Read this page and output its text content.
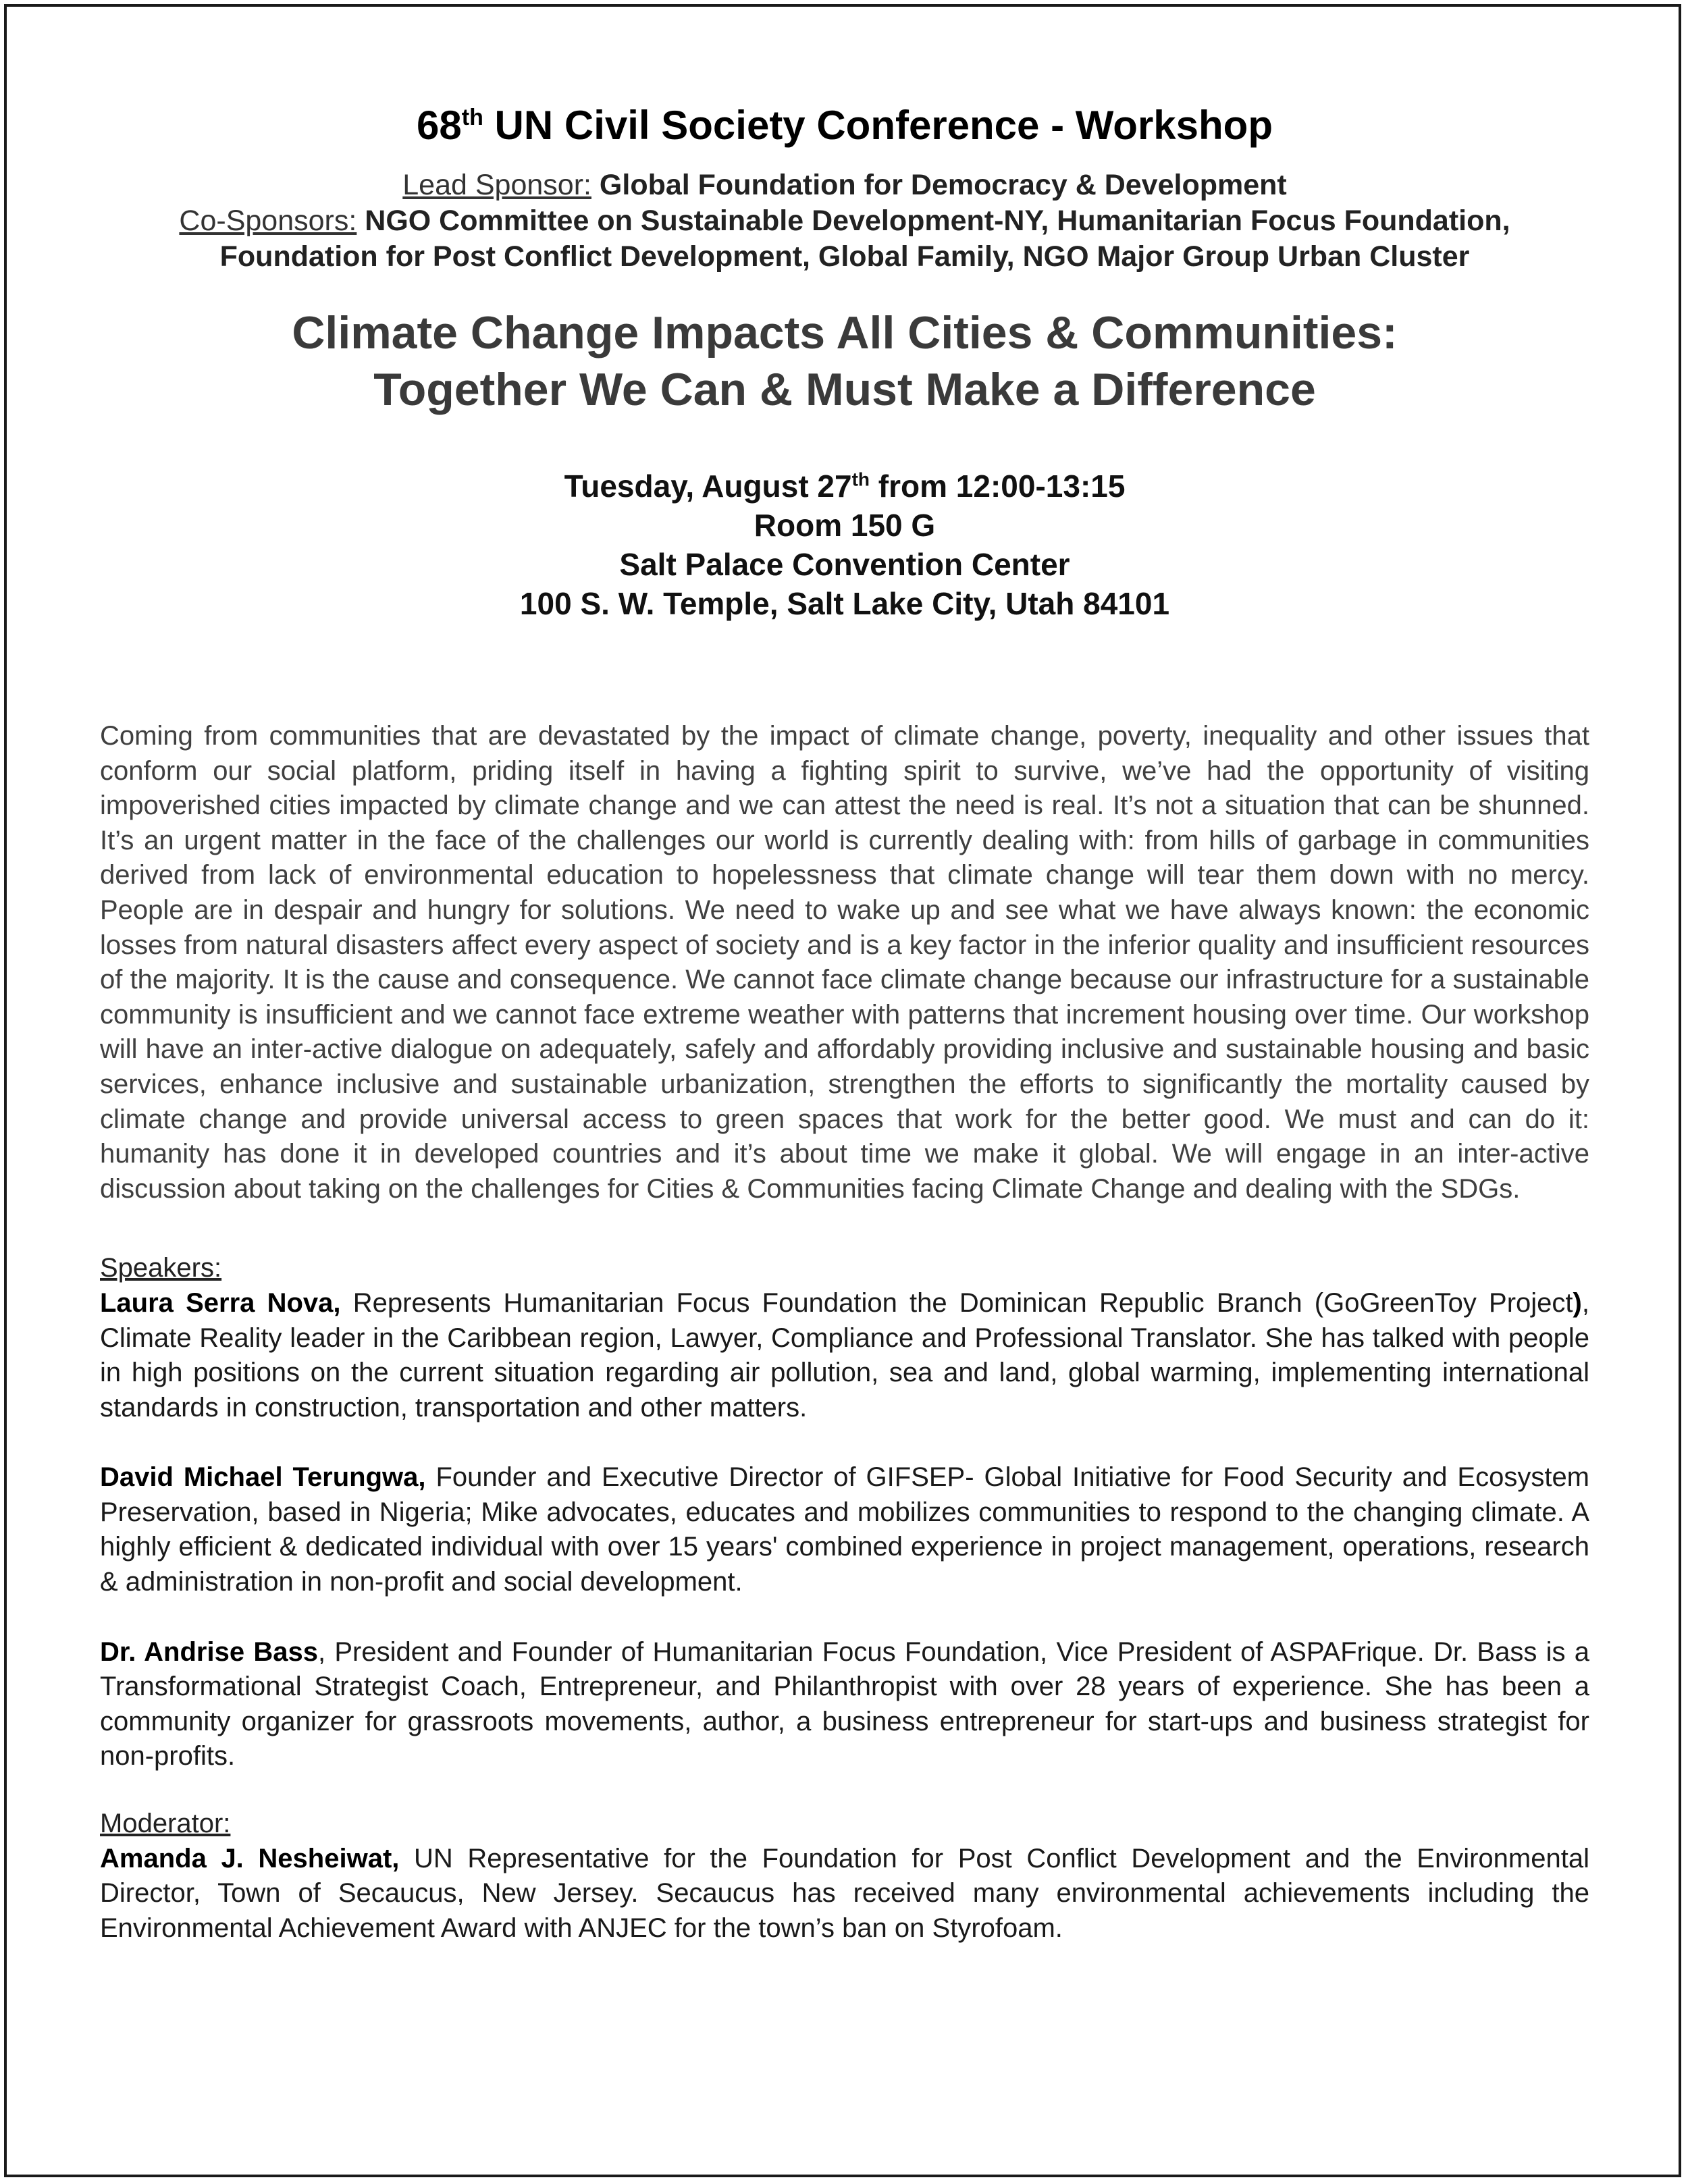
68th UN Civil Society Conference - Workshop
Lead Sponsor: Global Foundation for Democracy & Development
Co-Sponsors: NGO Committee on Sustainable Development-NY, Humanitarian Focus Foundation,
Foundation for Post Conflict Development, Global Family, NGO Major Group Urban Cluster
Climate Change Impacts All Cities & Communities:
Together We Can & Must Make a Difference
Tuesday, August 27th from 12:00-13:15
Room 150 G
Salt Palace Convention Center
100 S. W. Temple, Salt Lake City, Utah 84101
Coming from communities that are devastated by the impact of climate change, poverty, inequality and other issues that conform our social platform, priding itself in having a fighting spirit to survive, we’ve had the opportunity of visiting impoverished cities impacted by climate change and we can attest the need is real. It’s not a situation that can be shunned. It’s an urgent matter in the face of the challenges our world is currently dealing with: from hills of garbage in communities derived from lack of environmental education to hopelessness that climate change will tear them down with no mercy. People are in despair and hungry for solutions. We need to wake up and see what we have always known: the economic losses from natural disasters affect every aspect of society and is a key factor in the inferior quality and insufficient resources of the majority. It is the cause and consequence. We cannot face climate change because our infrastructure for a sustainable community is insufficient and we cannot face extreme weather with patterns that increment housing over time. Our workshop will have an inter-active dialogue on adequately, safely and affordably providing inclusive and sustainable housing and basic services, enhance inclusive and sustainable urbanization, strengthen the efforts to significantly the mortality caused by climate change and provide universal access to green spaces that work for the better good. We must and can do it: humanity has done it in developed countries and it’s about time we make it global. We will engage in an inter-active discussion about taking on the challenges for Cities & Communities facing Climate Change and dealing with the SDGs.
Speakers:
Laura Serra Nova, Represents Humanitarian Focus Foundation the Dominican Republic Branch (GoGreenToy Project), Climate Reality leader in the Caribbean region, Lawyer, Compliance and Professional Translator. She has talked with people in high positions on the current situation regarding air pollution, sea and land, global warming, implementing international standards in construction, transportation and other matters.
David Michael Terungwa, Founder and Executive Director of GIFSEP- Global Initiative for Food Security and Ecosystem Preservation, based in Nigeria; Mike advocates, educates and mobilizes communities to respond to the changing climate. A highly efficient & dedicated individual with over 15 years' combined experience in project management, operations, research & administration in non-profit and social development.
Dr. Andrise Bass, President and Founder of Humanitarian Focus Foundation, Vice President of ASPAFrique. Dr. Bass is a Transformational Strategist Coach, Entrepreneur, and Philanthropist with over 28 years of experience. She has been a community organizer for grassroots movements, author, a business entrepreneur for start-ups and business strategist for non-profits.
Moderator:
Amanda J. Nesheiwat, UN Representative for the Foundation for Post Conflict Development and the Environmental Director, Town of Secaucus, New Jersey. Secaucus has received many environmental achievements including the Environmental Achievement Award with ANJEC for the town’s ban on Styrofoam.
